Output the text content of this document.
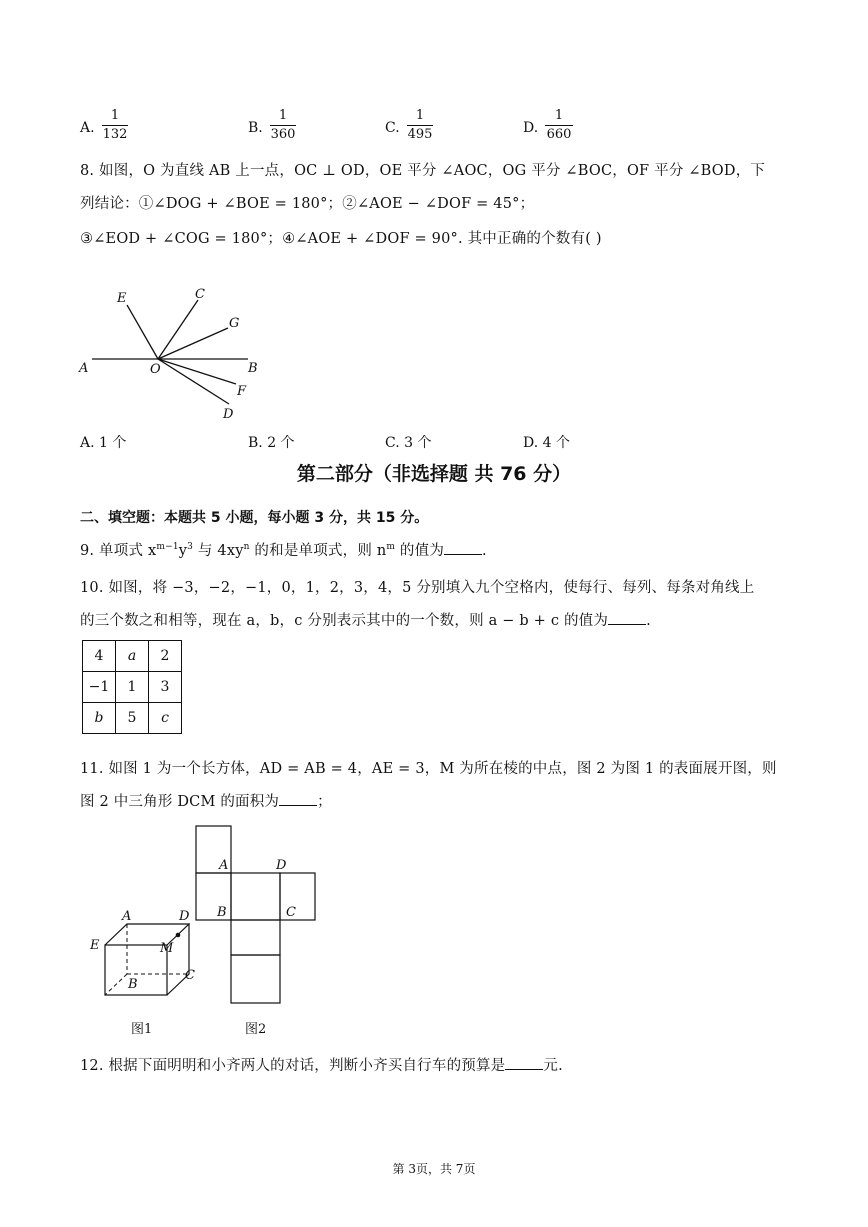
A.
1
132	B.
1
360	C.
1
495	D.
1
660
8. 如图，O 为直线 AB 上一点，OC ⊥ OD，OE 平分 ∠AOC，OG 平分 ∠BOC，OF 平分 ∠BOD，下
列结论：①∠DOG + ∠BOE = 180°；②∠AOE − ∠DOF = 45°；
③∠EOD + ∠COG = 180°；④∠AOE + ∠DOF = 90°. 其中正确的个数有( )
E	C
G
A	O	B
F
D
A. 1 个	B. 2 个	C. 3 个	D. 4 个
第二部分（非选择题 共 76 分）
二、填空题：本题共 5 小题，每小题 3 分，共 15 分。
9. 单项式 $x^{m-1}y^3$ 与 $4xy^n$ 的和是单项式，则 $n^m$ 的值为	.
10. 如图，将 −3，−2，−1，0，1，2，3，4，5 分别填入九个空格内，使每行、每列、每条对角线上
的三个数之和相等，现在 a，b，c 分别表示其中的一个数，则 a − b + c 的值为	.
4	a	2
−1	1	3
b	5	c
11. 如图 1 为一个长方体，AD = AB = 4，AE = 3，M 为所在棱的中点，图 2 为图 1 的表面展开图，则
图 2 中三角形 DCM 的面积为	；
A	D
E	M
C
B
A	D
B	C
图1	图2
12. 根据下面明明和小齐两人的对话，判断小齐买自行车的预算是	元.
第 3页，共 7页
